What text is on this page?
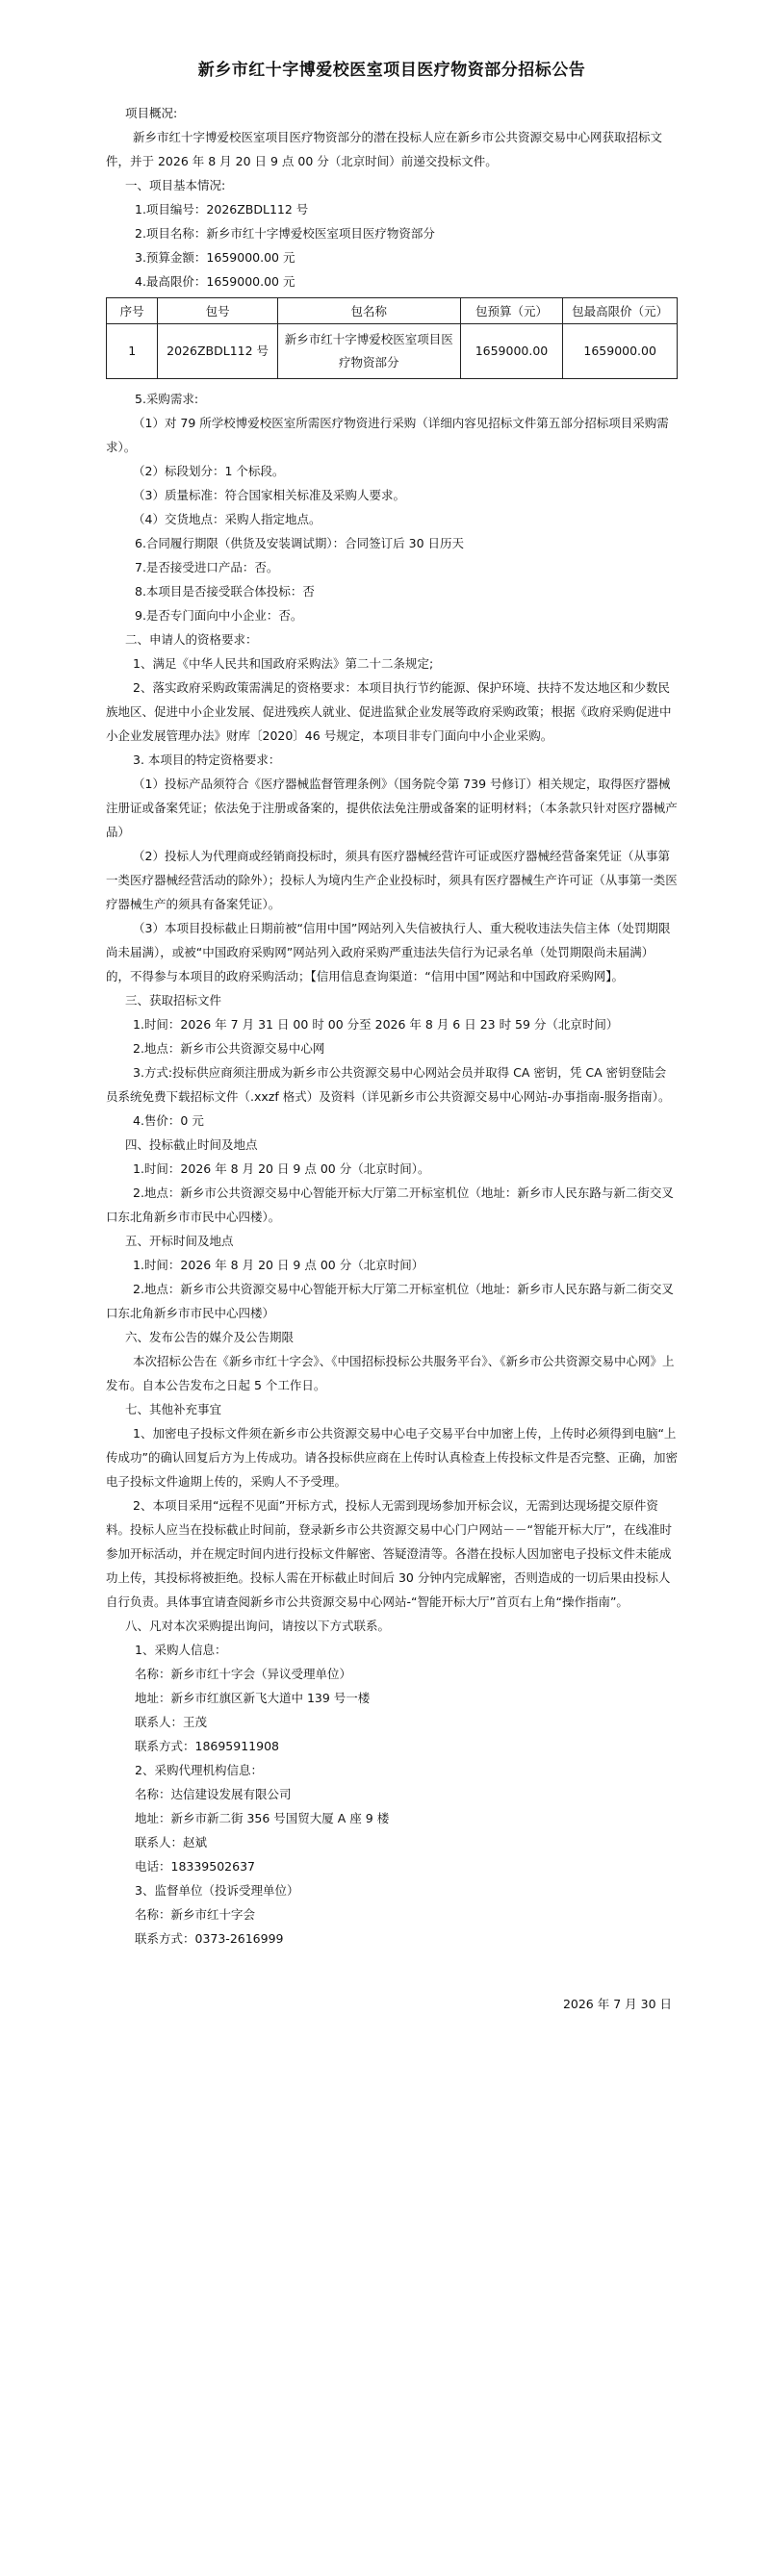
新乡市红十字博爱校医室项目医疗物资部分招标公告

项目概况:

新乡市红十字博爱校医室项目医疗物资部分的潜在投标人应在新乡市公共资源交易中心网获取招标文件，并于 2026 年 8 月 20 日 9 点 00 分（北京时间）前递交投标文件。

一、项目基本情况:

1.项目编号：2026ZBDL112 号

2.项目名称：新乡市红十字博爱校医室项目医疗物资部分

3.预算金额：1659000.00 元

4.最高限价：1659000.00 元

序号	包号	包名称	包预算（元）	包最高限价（元）
1	2026ZBDL112 号	新乡市红十字博爱校医室项目医疗物资部分	1659000.00	1659000.00

5.采购需求:

（1）对 79 所学校博爱校医室所需医疗物资进行采购（详细内容见招标文件第五部分招标项目采购需求）。

（2）标段划分：1 个标段。

（3）质量标准：符合国家相关标准及采购人要求。

（4）交货地点：采购人指定地点。

6.合同履行期限（供货及安装调试期）：合同签订后 30 日历天

7.是否接受进口产品：否。

8.本项目是否接受联合体投标：否

9.是否专门面向中小企业：否。

二、申请人的资格要求：

1、满足《中华人民共和国政府采购法》第二十二条规定;

2、落实政府采购政策需满足的资格要求：本项目执行节约能源、保护环境、扶持不发达地区和少数民族地区、促进中小企业发展、促进残疾人就业、促进监狱企业发展等政府采购政策；根据《政府采购促进中小企业发展管理办法》财库〔2020〕46 号规定，本项目非专门面向中小企业采购。

3. 本项目的特定资格要求：

（1）投标产品须符合《医疗器械监督管理条例》（国务院令第 739 号修订）相关规定，取得医疗器械注册证或备案凭证；依法免于注册或备案的，提供依法免注册或备案的证明材料；（本条款只针对医疗器械产品）

（2）投标人为代理商或经销商投标时，须具有医疗器械经营许可证或医疗器械经营备案凭证（从事第一类医疗器械经营活动的除外）；投标人为境内生产企业投标时，须具有医疗器械生产许可证（从事第一类医疗器械生产的须具有备案凭证）。

（3）本项目投标截止日期前被“信用中国”网站列入失信被执行人、重大税收违法失信主体（处罚期限尚未届满），或被“中国政府采购网”网站列入政府采购严重违法失信行为记录名单（处罚期限尚未届满）的，不得参与本项目的政府采购活动；【信用信息查询渠道：“信用中国”网站和中国政府采购网】。

三、获取招标文件

1.时间：2026 年 7 月 31 日 00 时 00 分至 2026 年 8 月 6 日 23 时 59 分（北京时间）

2.地点：新乡市公共资源交易中心网

3.方式:投标供应商须注册成为新乡市公共资源交易中心网站会员并取得 CA 密钥，凭 CA 密钥登陆会员系统免费下载招标文件（.xxzf 格式）及资料（详见新乡市公共资源交易中心网站-办事指南-服务指南）。

4.售价：0 元

四、投标截止时间及地点

1.时间：2026 年 8 月 20 日 9 点 00 分（北京时间）。

2.地点：新乡市公共资源交易中心智能开标大厅第二开标室机位（地址：新乡市人民东路与新二街交叉口东北角新乡市市民中心四楼）。

五、开标时间及地点

1.时间：2026 年 8 月 20 日 9 点 00 分（北京时间）

2.地点：新乡市公共资源交易中心智能开标大厅第二开标室机位（地址：新乡市人民东路与新二街交叉口东北角新乡市市民中心四楼）

六、发布公告的媒介及公告期限

本次招标公告在《新乡市红十字会》、《中国招标投标公共服务平台》、《新乡市公共资源交易中心网》上发布。自本公告发布之日起 5 个工作日。

七、其他补充事宜

1、加密电子投标文件须在新乡市公共资源交易中心电子交易平台中加密上传，上传时必须得到电脑“上传成功”的确认回复后方为上传成功。请各投标供应商在上传时认真检查上传投标文件是否完整、正确，加密电子投标文件逾期上传的，采购人不予受理。

2、本项目采用“远程不见面”开标方式，投标人无需到现场参加开标会议，无需到达现场提交原件资料。投标人应当在投标截止时间前，登录新乡市公共资源交易中心门户网站－－“智能开标大厅”，在线准时参加开标活动，并在规定时间内进行投标文件解密、答疑澄清等。各潜在投标人因加密电子投标文件未能成功上传，其投标将被拒绝。投标人需在开标截止时间后 30 分钟内完成解密，否则造成的一切后果由投标人自行负责。具体事宜请查阅新乡市公共资源交易中心网站-“智能开标大厅”首页右上角“操作指南”。

八、凡对本次采购提出询问，请按以下方式联系。

1、采购人信息：

名称：新乡市红十字会（异议受理单位）

地址：新乡市红旗区新飞大道中 139 号一楼

联系人：王茂

联系方式：18695911908

2、采购代理机构信息：

名称：达信建设发展有限公司

地址：新乡市新二街 356 号国贸大厦 A 座 9 楼

联系人：赵斌

电话：18339502637

3、监督单位（投诉受理单位）

名称：新乡市红十字会

联系方式：0373-2616999

2026 年 7 月 30 日
